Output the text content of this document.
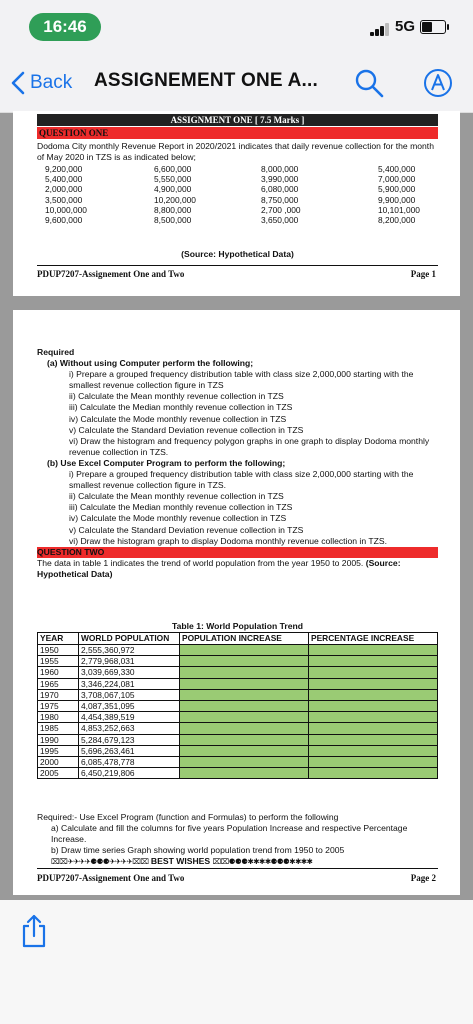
16:46	5G
Back ASSIGNEMENT ONE A...
ASSIGNMENT ONE [ 7.5 Marks ]
QUESTION ONE
Dodoma City monthly Revenue Report in 2020/2021 indicates that daily revenue collection for the month of May 2020 in TZS is as indicated below;
9,200,000	6,600,000	8,000,000	5,400,000
5,400,000	5,550,000	3,990,000	7,000,000
2,000,000	4,900,000	6,080,000	5,900,000
3,500,000	10,200,000	8,750,000	9,900,000
10,000,000	8,800,000	2,700 ,000	10,101,000
9,600,000	8,500,000	3,650,000	8,200,000
(Source: Hypothetical Data)
PDUP7207-Assignement One and Two	Page 1
Required
(a) Without using Computer perform the following;
i) Prepare a grouped frequency distribution table with class size 2,000,000 starting with the smallest revenue collection figure in TZS
ii) Calculate the Mean monthly revenue collection in TZS
iii) Calculate the Median monthly revenue collection in TZS
iv) Calculate the Mode monthly revenue collection in TZS
v) Calculate the Standard Deviation revenue collection in TZS
vi) Draw the histogram and frequency polygon graphs in one graph to display Dodoma monthly revenue collection in TZS.
(b) Use Excel Computer Program to perform the following;
i) Prepare a grouped frequency distribution table with class size 2,000,000 starting with the smallest revenue collection figure in TZS.
ii) Calculate the Mean monthly revenue collection in TZS
iii) Calculate the Median monthly revenue collection in TZS
iv) Calculate the Mode monthly revenue collection in TZS
v) Calculate the Standard Deviation revenue collection in TZS
vi) Draw the histogram graph to display Dodoma monthly revenue collection in TZS.
QUESTION TWO
The data in table 1 indicates the trend of world population from the year 1950 to 2005. (Source: Hypothetical Data)
Table 1: World Population Trend
YEAR	WORLD POPULATION	POPULATION INCREASE	PERCENTAGE INCREASE
1950	2,555,360,972		
1955	2,779,968,031		
1960	3,039,669,330		
1965	3,346,224,081		
1970	3,708,067,105		
1975	4,087,351,095		
1980	4,454,389,519		
1985	4,853,252,663		
1990	5,284,679,123		
1995	5,696,263,461		
2000	6,085,478,778		
2005	6,450,219,806		
Required:- Use Excel Program (function and Formulas) to perform the following
a) Calculate and fill the columns for five years Population Increase and respective Percentage Increase.
b) Draw time series Graph showing world population trend from 1950 to 2005
⌧⌧✈✈✈✈⚈⚈⚈✈✈✈✈⌧⌧ BEST WISHES ⌧⌧⚈⚈⚈✱✱✱✱⚈⚈⚈✱✱✱✱
PDUP7207-Assignement One and Two	Page 2
